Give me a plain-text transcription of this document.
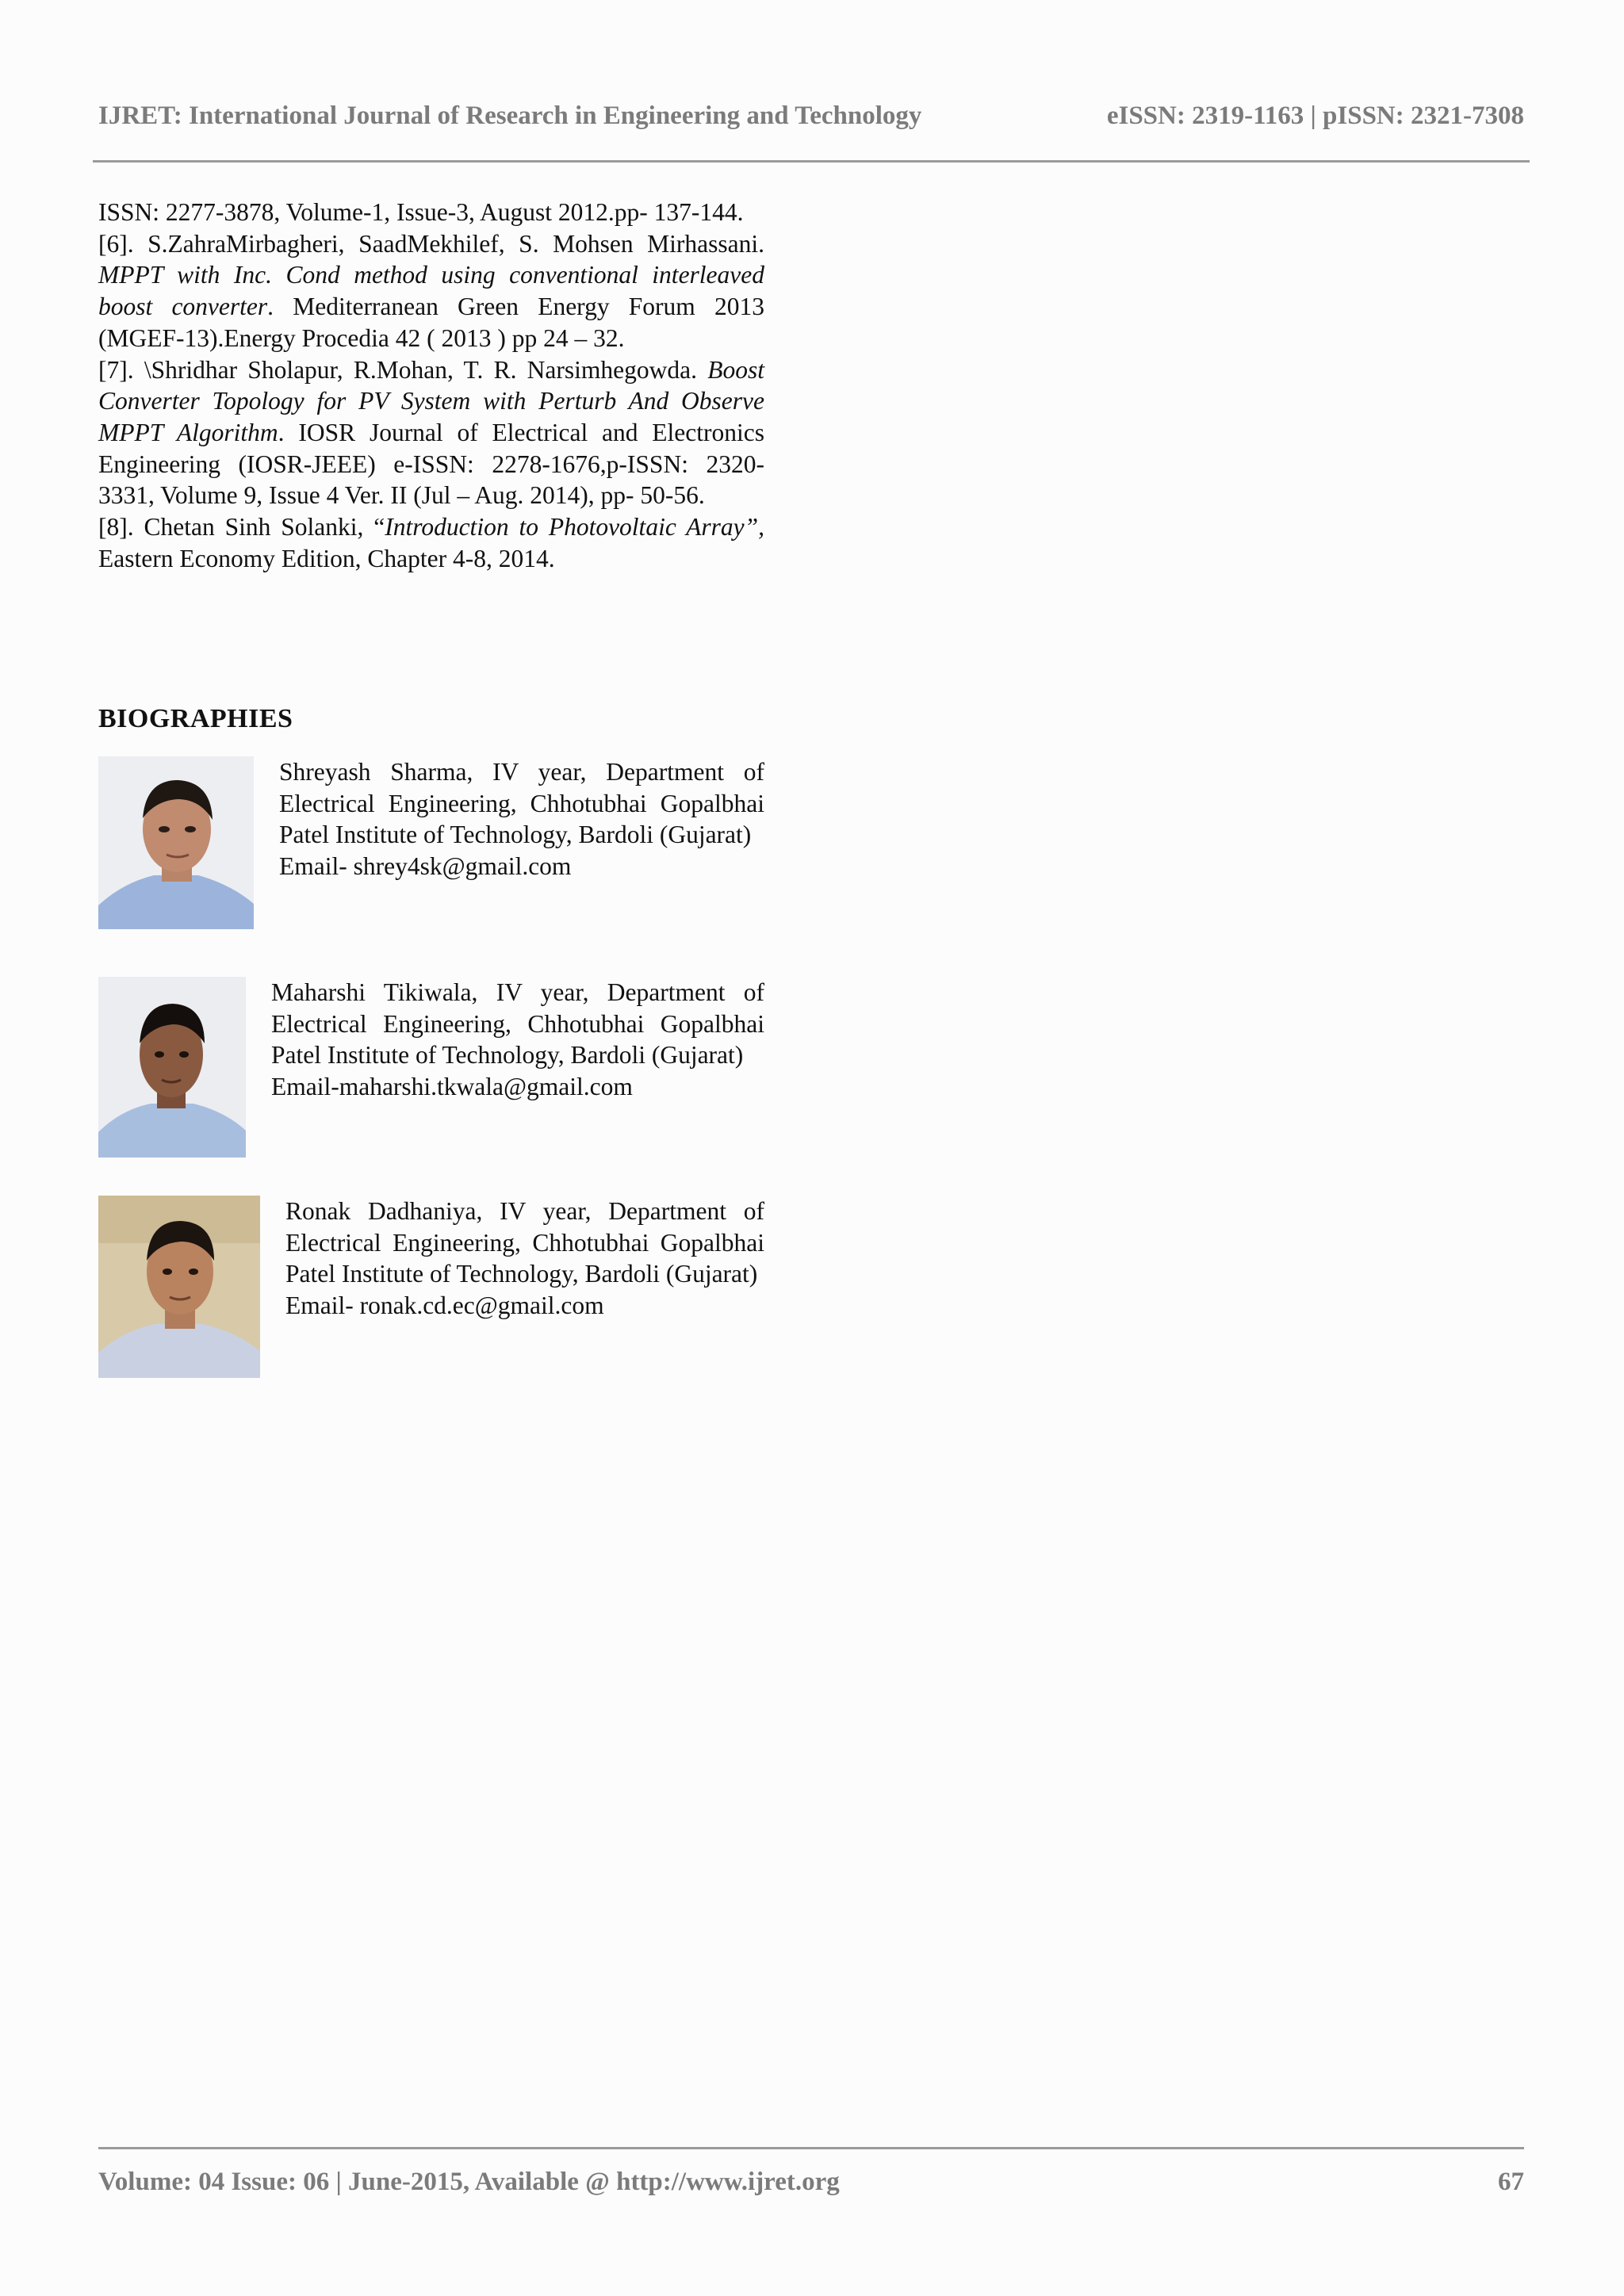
IJRET: International Journal of Research in Engineering and Technology	eISSN: 2319-1163 | pISSN: 2321-7308

ISSN: 2277-3878, Volume-1, Issue-3, August 2012.pp- 137-144.

[6]. S.ZahraMirbagheri, SaadMekhilef, S. Mohsen Mirhassani. MPPT with Inc. Cond method using conventional interleaved boost converter. Mediterranean Green Energy Forum 2013 (MGEF-13).Energy Procedia 42 ( 2013 ) pp 24 – 32.

[7]. \Shridhar Sholapur, R.Mohan, T. R. Narsimhegowda. Boost Converter Topology for PV System with Perturb And Observe MPPT Algorithm. IOSR Journal of Electrical and Electronics Engineering (IOSR-JEEE) e-ISSN: 2278-1676,p-ISSN: 2320-3331, Volume 9, Issue 4 Ver. II (Jul – Aug. 2014), pp- 50-56.

[8]. Chetan Sinh Solanki, “Introduction to Photovoltaic Array”, Eastern Economy Edition, Chapter 4-8, 2014.

BIOGRAPHIES
Shreyash Sharma, IV year, Department of Electrical Engineering, Chhotubhai Gopalbhai Patel Institute of Technology, Bardoli (Gujarat)
Email- shrey4sk@gmail.com
Maharshi Tikiwala, IV year, Department of Electrical Engineering, Chhotubhai Gopalbhai Patel Institute of Technology, Bardoli (Gujarat)
Email-maharshi.tkwala@gmail.com
Ronak Dadhaniya, IV year, Department of Electrical Engineering, Chhotubhai Gopalbhai Patel Institute of Technology, Bardoli (Gujarat)
Email- ronak.cd.ec@gmail.com
Volume: 04 Issue: 06 | June-2015, Available @ http://www.ijret.org	67
